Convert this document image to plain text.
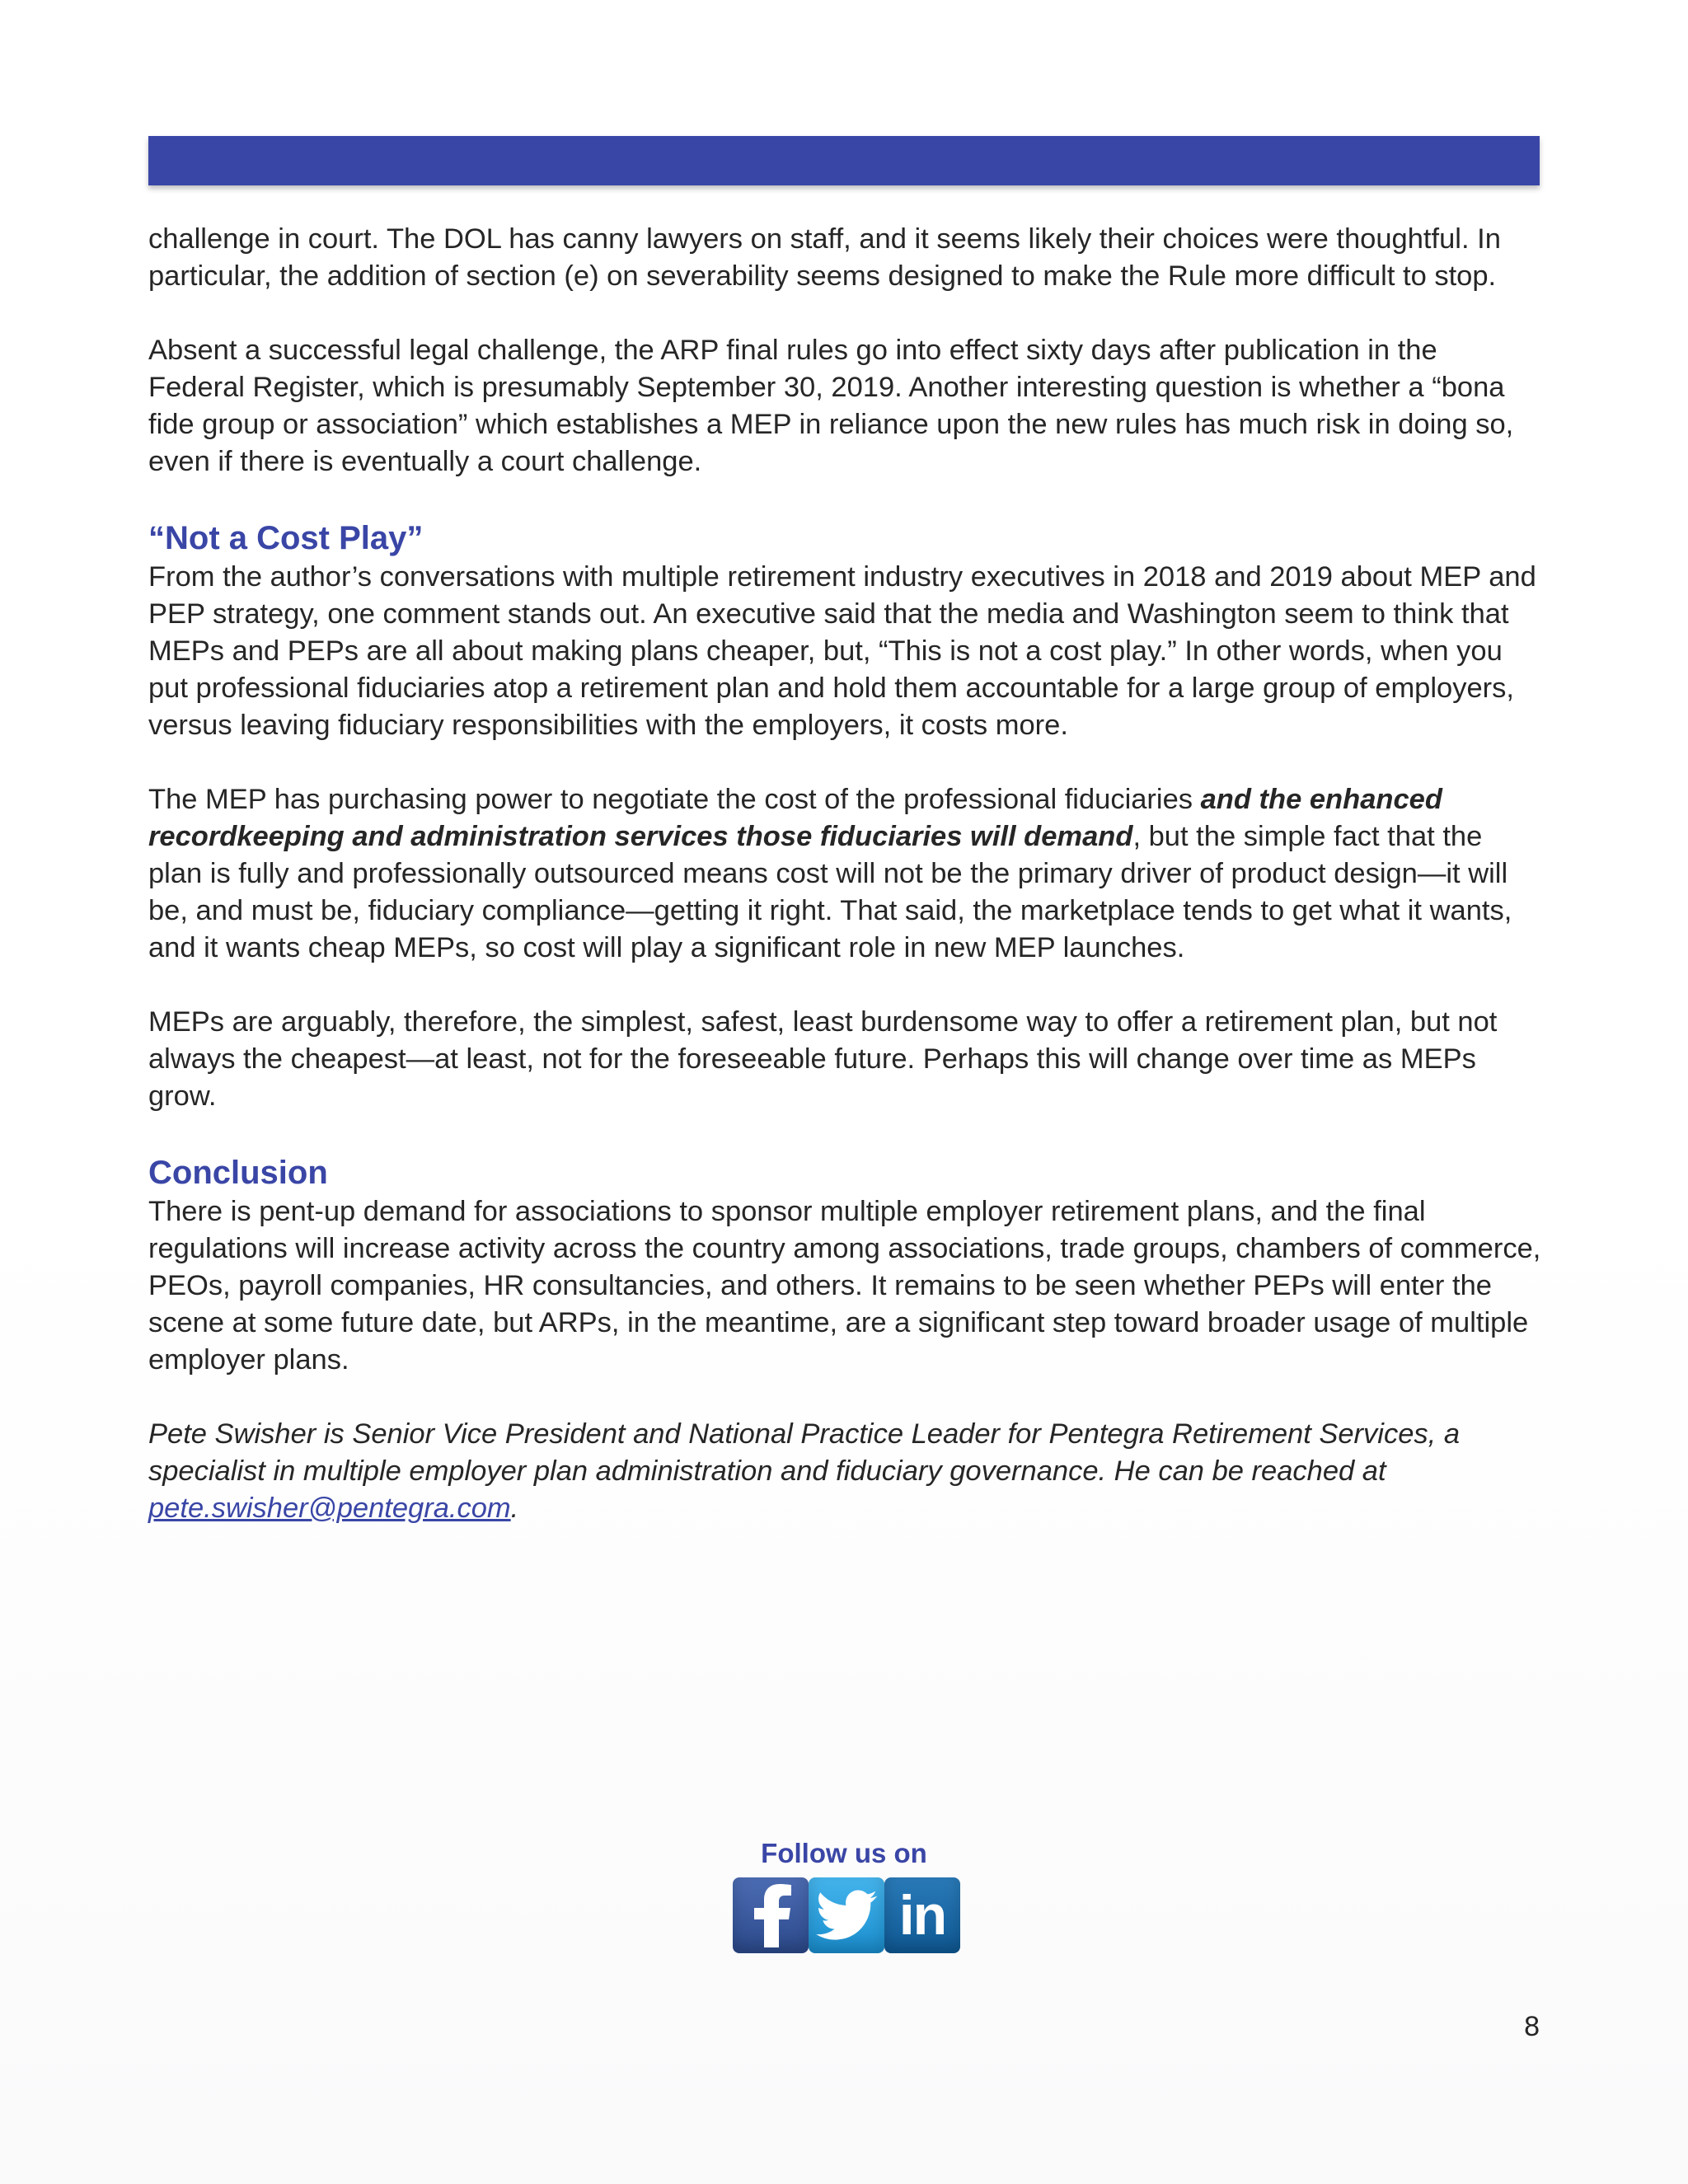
challenge in court. The DOL has canny lawyers on staff, and it seems likely their choices were thoughtful. In particular, the addition of section (e) on severability seems designed to make the Rule more difficult to stop.

Absent a successful legal challenge, the ARP final rules go into effect sixty days after publication in the Federal Register, which is presumably September 30, 2019. Another interesting question is whether a “bona fide group or association” which establishes a MEP in reliance upon the new rules has much risk in doing so, even if there is eventually a court challenge.

“Not a Cost Play”

From the author’s conversations with multiple retirement industry executives in 2018 and 2019 about MEP and PEP strategy, one comment stands out. An executive said that the media and Washington seem to think that MEPs and PEPs are all about making plans cheaper, but, “This is not a cost play.” In other words, when you put professional fiduciaries atop a retirement plan and hold them accountable for a large group of employers, versus leaving fiduciary responsibilities with the employers, it costs more.

The MEP has purchasing power to negotiate the cost of the professional fiduciaries and the enhanced recordkeeping and administration services those fiduciaries will demand, but the simple fact that the plan is fully and professionally outsourced means cost will not be the primary driver of product design—it will be, and must be, fiduciary compliance—getting it right. That said, the marketplace tends to get what it wants, and it wants cheap MEPs, so cost will play a significant role in new MEP launches.

MEPs are arguably, therefore, the simplest, safest, least burdensome way to offer a retirement plan, but not always the cheapest—at least, not for the foreseeable future. Perhaps this will change over time as MEPs grow.

Conclusion

There is pent-up demand for associations to sponsor multiple employer retirement plans, and the final regulations will increase activity across the country among associations, trade groups, chambers of commerce, PEOs, payroll companies, HR consultancies, and others. It remains to be seen whether PEPs will enter the scene at some future date, but ARPs, in the meantime, are a significant step toward broader usage of multiple employer plans.

Pete Swisher is Senior Vice President and National Practice Leader for Pentegra Retirement Services, a specialist in multiple employer plan administration and fiduciary governance. He can be reached at pete.swisher@pentegra.com.

Follow us on
in
8
